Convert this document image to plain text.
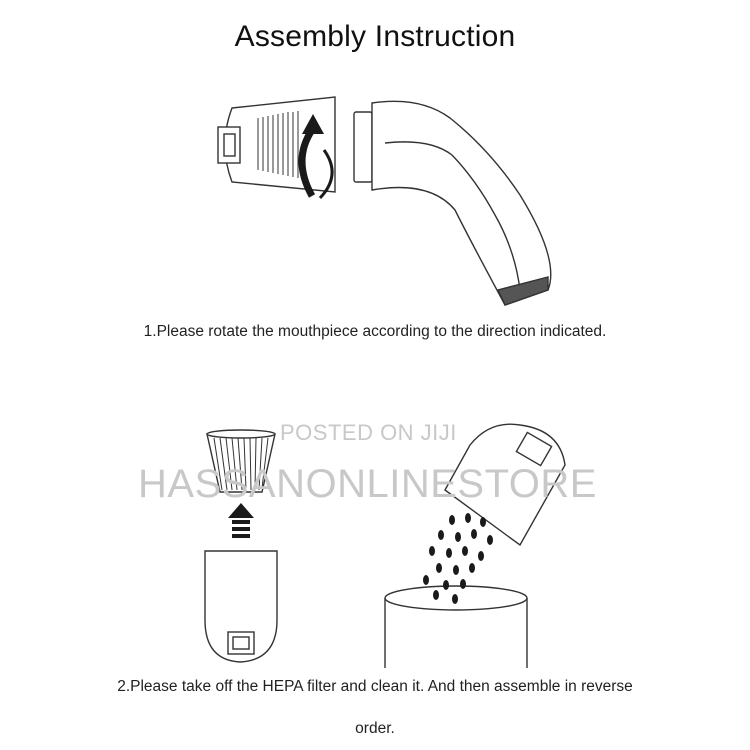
Assembly Instruction
1.Please rotate the mouthpiece according to the direction indicated.
POSTED ON JIJI
HASSANONLINESTORE
2.Please take off the HEPA filter and clean it. And then assemble in reverse
order.
